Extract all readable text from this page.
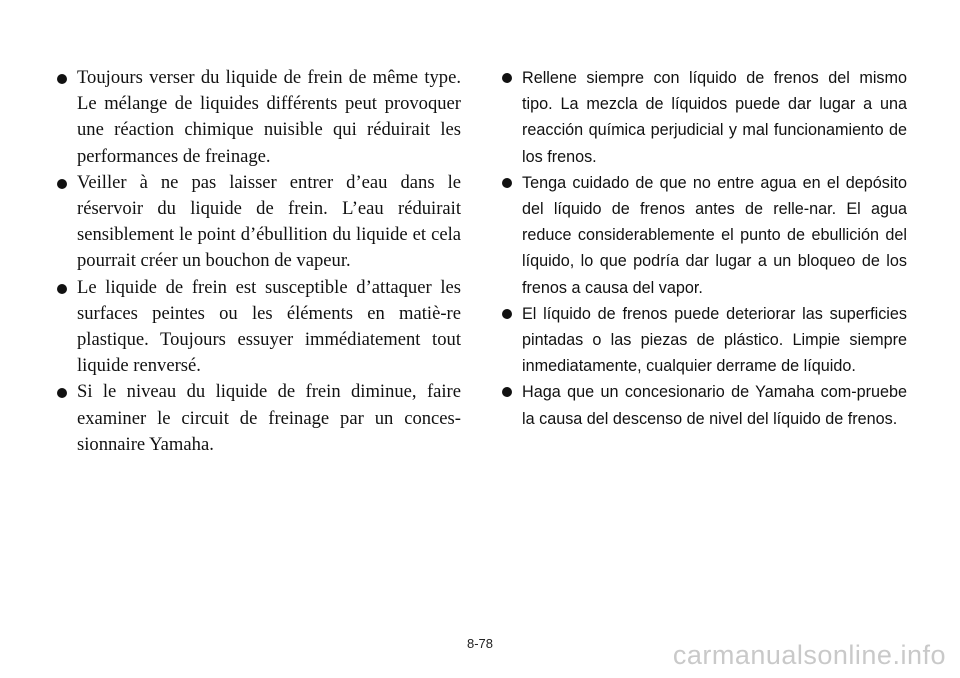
Toujours verser du liquide de frein de même type. Le mélange de liquides différents peut provoquer une réaction chimique nuisible qui réduirait les performances de freinage.
Veiller à ne pas laisser entrer d’eau dans le réservoir du liquide de frein. L’eau réduirait sensiblement le point d’ébullition du liquide et cela pourrait créer un bouchon de vapeur.
Le liquide de frein est susceptible d’attaquer les surfaces peintes ou les éléments en matiè-re plastique. Toujours essuyer immédiatement tout liquide renversé.
Si le niveau du liquide de frein diminue, faire examiner le circuit de freinage par un conces-sionnaire Yamaha.
Rellene siempre con líquido de frenos del mismo tipo. La mezcla de líquidos puede dar lugar a una reacción química perjudicial y mal funcionamiento de los frenos.
Tenga cuidado de que no entre agua en el depósito del líquido de frenos antes de relle-nar. El agua reduce considerablemente el punto de ebullición del líquido, lo que podría dar lugar a un bloqueo de los frenos a causa del vapor.
El líquido de frenos puede deteriorar las superficies pintadas o las piezas de plástico. Limpie siempre inmediatamente, cualquier derrame de líquido.
Haga que un concesionario de Yamaha com-pruebe la causa del descenso de nivel del líquido de frenos.
8-78	carmanualsonline.info
